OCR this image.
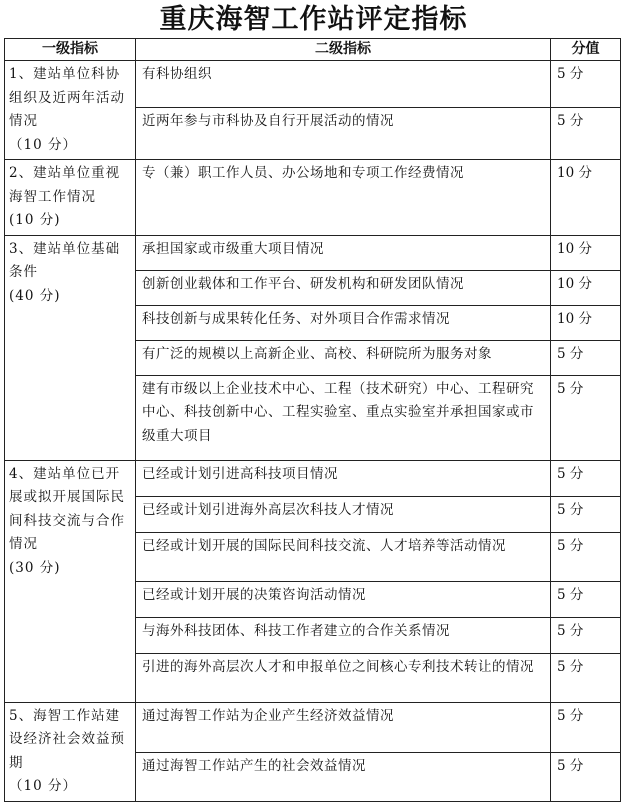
重庆海智工作站评定指标
一级指标	二级指标	分值

1、建站单位科协组织及近两年活动情况
（10 分）	有科协组织	5 分
	近两年参与市科协及自行开展活动的情况	5 分

2、建站单位重视海智工作情况
(10 分)	专（兼）职工作人员、办公场地和专项工作经费情况	10 分

3、建站单位基础条件
(40 分)	承担国家或市级重大项目情况	10 分
	创新创业载体和工作平台、研发机构和研发团队情况	10 分
	科技创新与成果转化任务、对外项目合作需求情况	10 分
	有广泛的规模以上高新企业、高校、科研院所为服务对象	5 分
	建有市级以上企业技术中心、工程（技术研究）中心、工程研究中心、科技创新中心、工程实验室、重点实验室并承担国家或市级重大项目	5 分

4、建站单位已开展或拟开展国际民间科技交流与合作情况
(30 分)	已经或计划引进高科技项目情况	5 分
	已经或计划引进海外高层次科技人才情况	5 分
	已经或计划开展的国际民间科技交流、人才培养等活动情况	5 分
	已经或计划开展的决策咨询活动情况	5 分
	与海外科技团体、科技工作者建立的合作关系情况	5 分
	引进的海外高层次人才和申报单位之间核心专利技术转让的情况	5 分

5、海智工作站建设经济社会效益预期
（10 分）	通过海智工作站为企业产生经济效益情况	5 分
	通过海智工作站产生的社会效益情况	5 分
